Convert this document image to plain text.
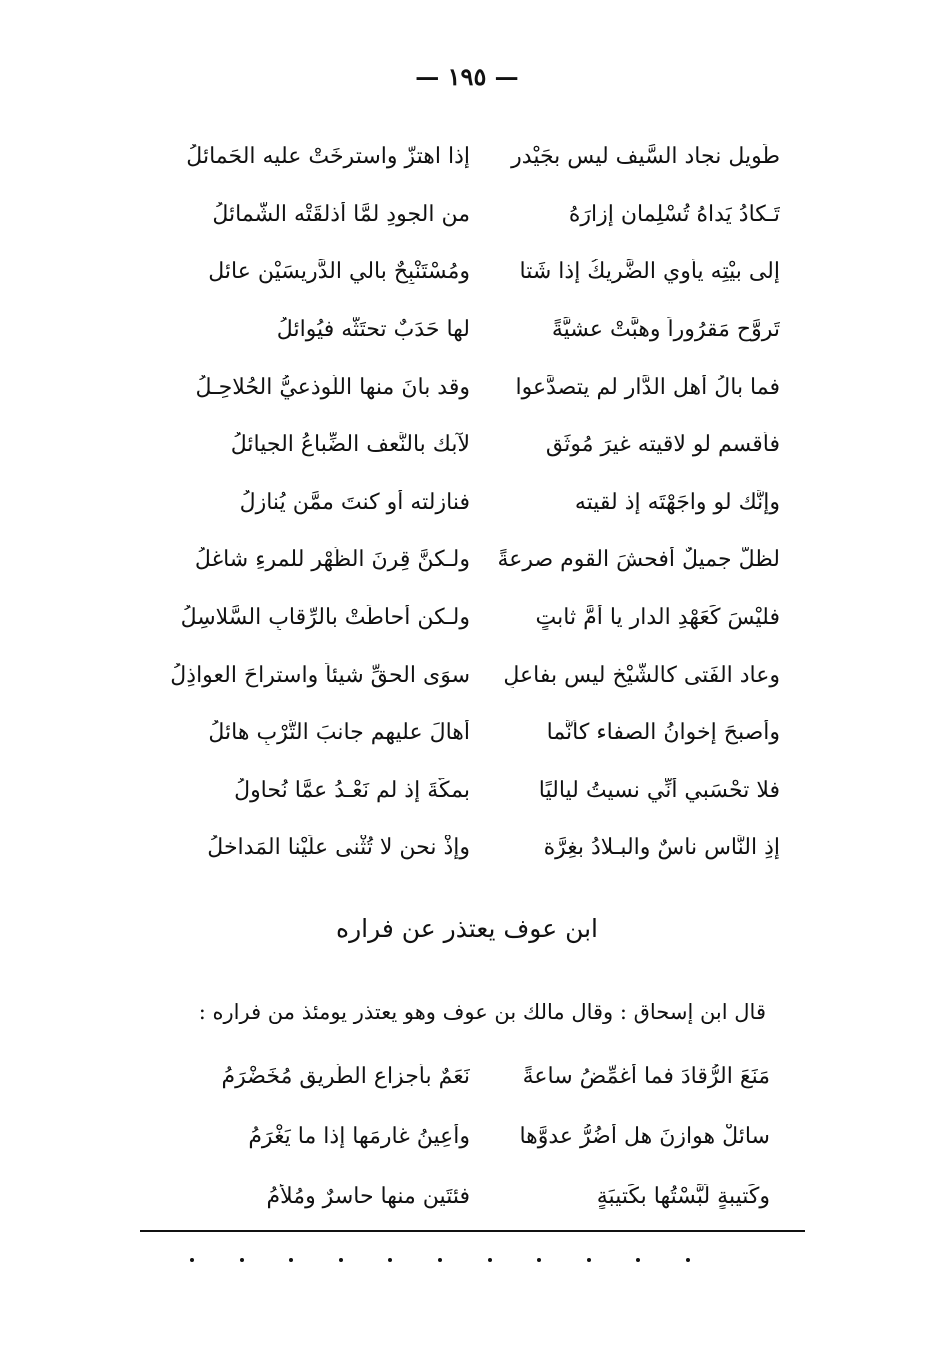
— ١٩٥ —
طَويل نجاد السَّيف ليس بجَيْدر
إذا اهتزّ واسترخَتْ عليه الحَمائلُ
تَـكادُ يَداهُ تُسْلِمان إزارَهُ
من الجودِ لمَّا أذلقَتْه الشَّمائلُ
إلى بيْتِه يأوِي الضَّريكُ إذا شَتا
ومُسْتَنْبِحٌ بالي الدَّرِيسَيْن عائل
تَروَّح مَقرُوراً وهبَّتْ عشيَّةً
لها حَدَبٌ تحتَثُّه فيُوائلُ
فما بالُ أهل الدَّار لم يتصدَّعوا
وقد بانَ منها اللَّوذعيُّ الحُلاحِـلُ
فأُقسم لو لاقيته غيرَ مُوثَق
لآبك بالنَّعف الضِّباعُ الجيائلُ
وإنَّك لو واجَهْتَه إذ لقيته
فنازلته أو كنتَ ممَّن يُنازِلُ
لظلَّ جميلٌ أفحشَ القومِ صرعةً
ولـكنَّ قِرنَ الظَّهْر للمرءِ شاغلُ
فليْسَ كَعَهْدِ الدار يا أُمَّ ثابتٍ
ولـكن أحاطَتْ بالرِّقابِ السَّلاسِلُ
وعاد الفَتى كالشَّيْخ ليس بفاعلٍ
سوَى الحقِّ شيئاً واستراحَ العواذِلُ
وأصبحَ إخوانُ الصفاء كأنَّما
أهالَ عليهم جانبَ التُّرْبِ هائلُ
فلا تحْسَبي أنِّي نسيتُ لياليًا
بمكَّةَ إذ لم نَعْـدُ عمَّا نُحاولُ
إذِ النَّاس ناسٌ والبـلادُ بغِرَّة
وإذْ نحن لا تُثْنى علَيْنا المَداخلُ
ابن عوف يعتذر عن فراره
قال ابن إسحاق : وقال مالك بن عوف وهو يعتذر يومئذ من فراره :
مَنَعَ الرُّقادَ فما أُغمِّضُ ساعةً
نَعَمٌ بأجزاعِ الطَّريقِ مُخَضْرَمُ
سائلْ هوازنَ هل أضُرُّ عدوَّها
وأُعِينُ غارمَها إذا ما يَغْرَمُ
وكَتيبةٍ لَبَّسْتُها بكَتيبَةٍ
فئتَين منها حاسرٌ ومُلأَّمُ
